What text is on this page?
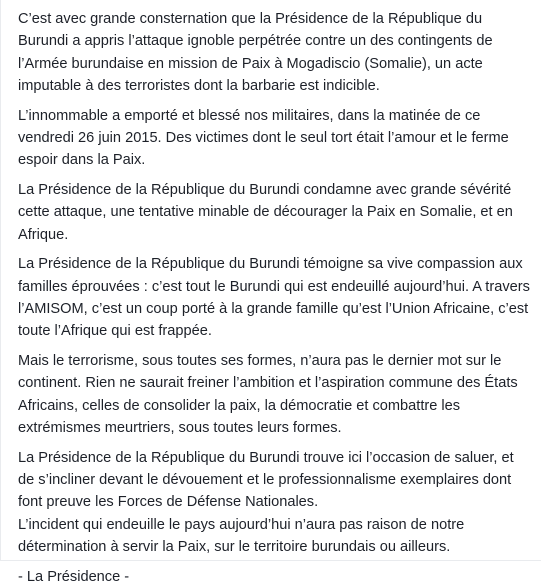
C’est avec grande consternation que la Présidence de la République du Burundi a appris l’attaque ignoble perpétrée contre un des contingents de l’Armée burundaise en mission de Paix à Mogadiscio (Somalie), un acte imputable à des terroristes dont la barbarie est indicible.

L’innommable a emporté et blessé nos militaires, dans la matinée de ce vendredi 26 juin 2015. Des victimes dont le seul tort était l’amour et le ferme espoir dans la Paix.

La Présidence de la République du Burundi condamne avec grande sévérité cette attaque, une tentative minable de décourager la Paix en Somalie, et en Afrique.

La Présidence de la République du Burundi témoigne sa vive compassion aux familles éprouvées : c’est tout le Burundi qui est endeuillé aujourd’hui. A travers l’AMISOM, c’est un coup porté à la grande famille qu’est l’Union Africaine, c’est toute l’Afrique qui est frappée.

Mais le terrorisme, sous toutes ses formes, n’aura pas le dernier mot sur le continent. Rien ne saurait freiner l’ambition et l’aspiration commune des États Africains, celles de consolider la paix, la démocratie et combattre les extrémismes meurtriers, sous toutes leurs formes.

La Présidence de la République du Burundi trouve ici l’occasion de saluer, et de s’incliner devant le dévouement et le professionnalisme exemplaires dont font preuve les Forces de Défense Nationales.
L’incident qui endeuille le pays aujourd’hui n’aura pas raison de notre détermination à servir la Paix, sur le territoire burundais ou ailleurs.

- La Présidence -
